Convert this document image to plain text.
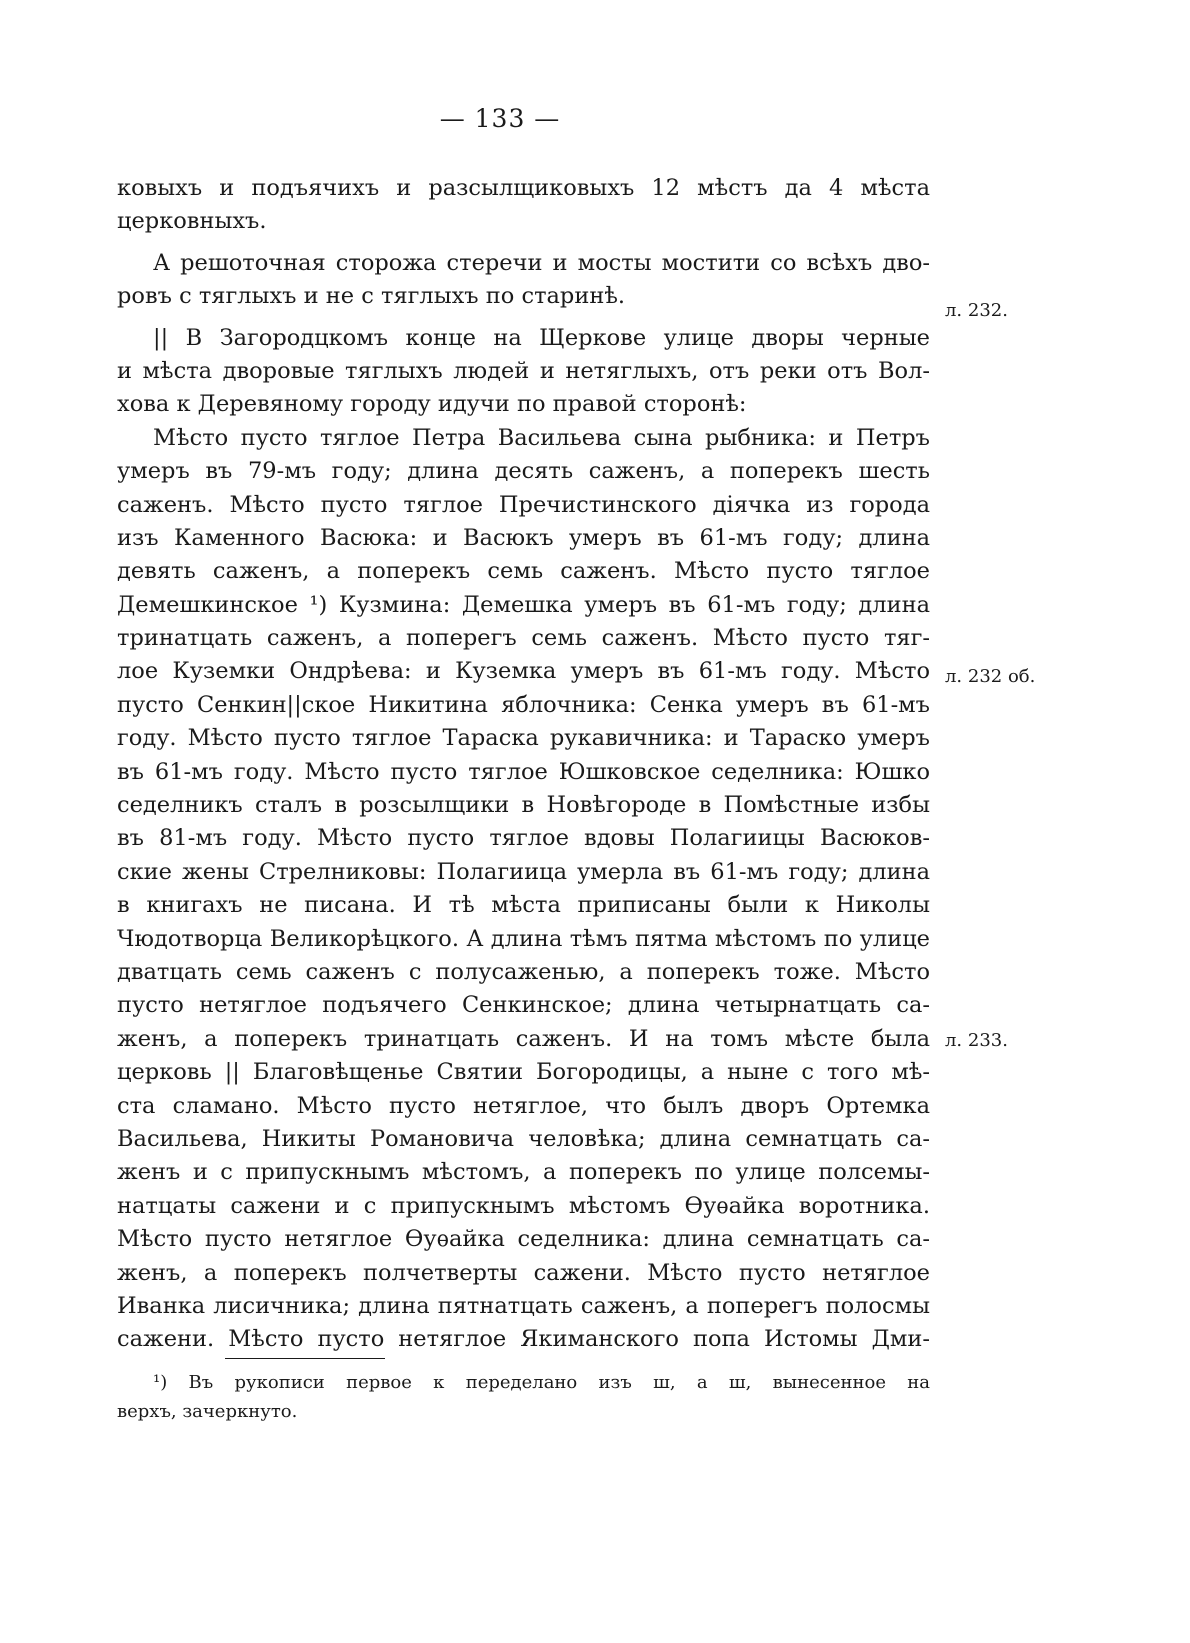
— 133 —
ковыхъ и подъячихъ и разсылщиковыхъ 12 мѣстъ да 4 мѣста
церковныхъ.
А решоточная сторожа стеречи и мосты мостити со всѣхъ дво-
ровъ с тяглыхъ и не с тяглыхъ по старинѣ.
|| В Загородцкомъ конце на Щеркове улице дворы черные
и мѣста дворовые тяглыхъ людей и нетяглыхъ, отъ реки отъ Вол-
хова к Деревяному городу идучи по правой сторонѣ:
Мѣсто пусто тяглое Петра Васильева сына рыбника: и Петръ
умеръ въ 79-мъ году; длина десять саженъ, а поперекъ шесть
саженъ. Мѣсто пусто тяглое Пречистинского дiячка из города
изъ Каменного Васюка: и Васюкъ умеръ въ 61-мъ году; длина
девять саженъ, а поперекъ семь саженъ. Мѣсто пусто тяглое
Демешкинское ¹) Кузмина: Демешка умеръ въ 61-мъ году; длина
тринатцать саженъ, а поперегъ семь саженъ. Мѣсто пусто тяг-
лое Куземки Ондрѣева: и Куземка умеръ въ 61-мъ году. Мѣсто
пусто Сенкин||ское Никитина яблочника: Сенка умеръ въ 61-мъ
году. Мѣсто пусто тяглое Тараска рукавичника: и Тараско умеръ
въ 61-мъ году. Мѣсто пусто тяглое Юшковское седелника: Юшко
седелникъ сталъ в розсылщики в Новѣгороде в Помѣстные избы
въ 81-мъ году. Мѣсто пусто тяглое вдовы Полагиицы Васюков-
ские жены Стрелниковы: Полагиица умерла въ 61-мъ году; длина
в книгахъ не писана. И тѣ мѣста приписаны были к Николы
Чюдотворца Великорѣцкого. А длина тѣмъ пятма мѣстомъ по улице
дватцать семь саженъ с полусаженью, а поперекъ тоже. Мѣсто
пусто нетяглое подъячего Сенкинское; длина четырнатцать са-
женъ, а поперекъ тринатцать саженъ. И на томъ мѣсте была
церковь || Благовѣщенье Святии Богородицы, а ныне с того мѣ-
ста сламано. Мѣсто пусто нетяглое, что былъ дворъ Ортемка
Васильева, Никиты Романовича человѣка; длина семнатцать са-
женъ и с припускнымъ мѣстомъ, а поперекъ по улице полсемы-
натцаты сажени и с припускнымъ мѣстомъ Ѳуѳайка воротника.
Мѣсто пусто нетяглое Ѳуѳайка седелника: длина семнатцать са-
женъ, а поперекъ полчетверты сажени. Мѣсто пусто нетяглое
Иванка лисичника; длина пятнатцать саженъ, а поперегъ полосмы
сажени. Мѣсто пусто нетяглое Якиманского попа Истомы Дми-
л. 232.
л. 232 об.
л. 233.
¹) Въ рукописи первое к переделано изъ ш, а ш, вынесенное на
верхъ, зачеркнуто.
